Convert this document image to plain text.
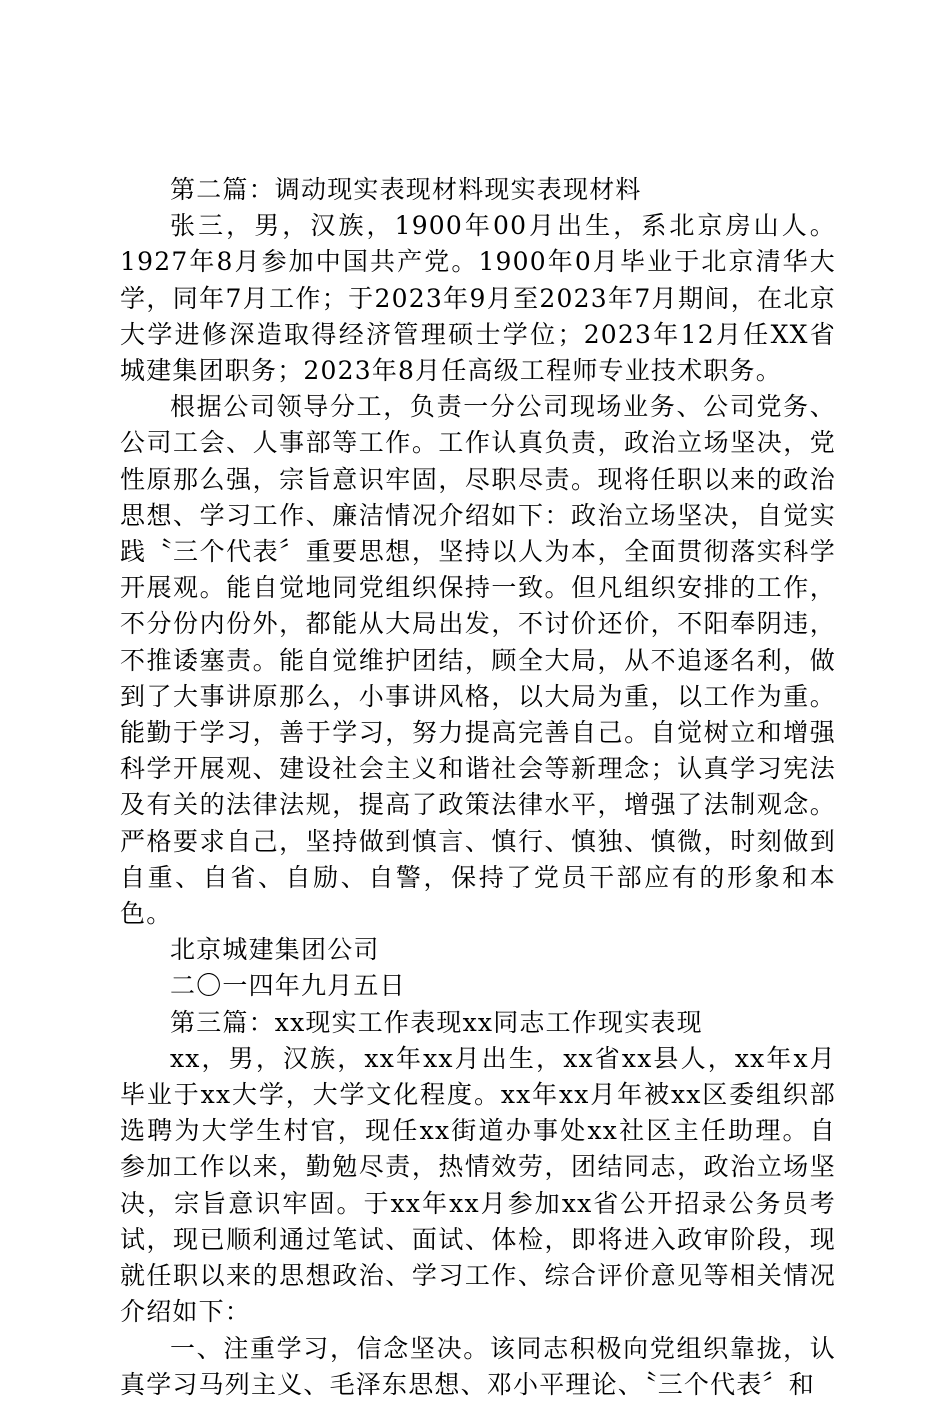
第二篇：调动现实表现材料现实表现材料

张三，男，汉族，1900年00月出生，系北京房山人。1927年8月参加中国共产党。1900年0月毕业于北京清华大学，同年7月工作；于2023年9月至2023年7月期间，在北京大学进修深造取得经济管理硕士学位；2023年12月任XX省城建集团职务；2023年8月任高级工程师专业技术职务。

根据公司领导分工，负责一分公司现场业务、公司党务、公司工会、人事部等工作。工作认真负责，政治立场坚决，党性原那么强，宗旨意识牢固，尽职尽责。现将任职以来的政治思想、学习工作、廉洁情况介绍如下：政治立场坚决，自觉实践〝三个代表〞重要思想，坚持以人为本，全面贯彻落实科学开展观。能自觉地同党组织保持一致。但凡组织安排的工作，不分份内份外，都能从大局出发，不讨价还价，不阳奉阴违，不推诿塞责。能自觉维护团结，顾全大局，从不追逐名利，做到了大事讲原那么，小事讲风格，以大局为重，以工作为重。能勤于学习，善于学习，努力提高完善自己。自觉树立和增强科学开展观、建设社会主义和谐社会等新理念；认真学习宪法及有关的法律法规，提高了政策法律水平，增强了法制观念。严格要求自己，坚持做到慎言、慎行、慎独、慎微，时刻做到自重、自省、自励、自警，保持了党员干部应有的形象和本色。

北京城建集团公司

二〇一四年九月五日

第三篇：xx现实工作表现xx同志工作现实表现

xx，男，汉族，xx年xx月出生，xx省xx县人，xx年x月毕业于xx大学，大学文化程度。xx年xx月年被xx区委组织部选聘为大学生村官，现任xx街道办事处xx社区主任助理。自参加工作以来，勤勉尽责，热情效劳，团结同志，政治立场坚决，宗旨意识牢固。于xx年xx月参加xx省公开招录公务员考试，现已顺利通过笔试、面试、体检，即将进入政审阶段，现就任职以来的思想政治、学习工作、综合评价意见等相关情况介绍如下：

一、注重学习，信念坚决。该同志积极向党组织靠拢，认真学习马列主义、毛泽东思想、邓小平理论、〝三个代表〞和
